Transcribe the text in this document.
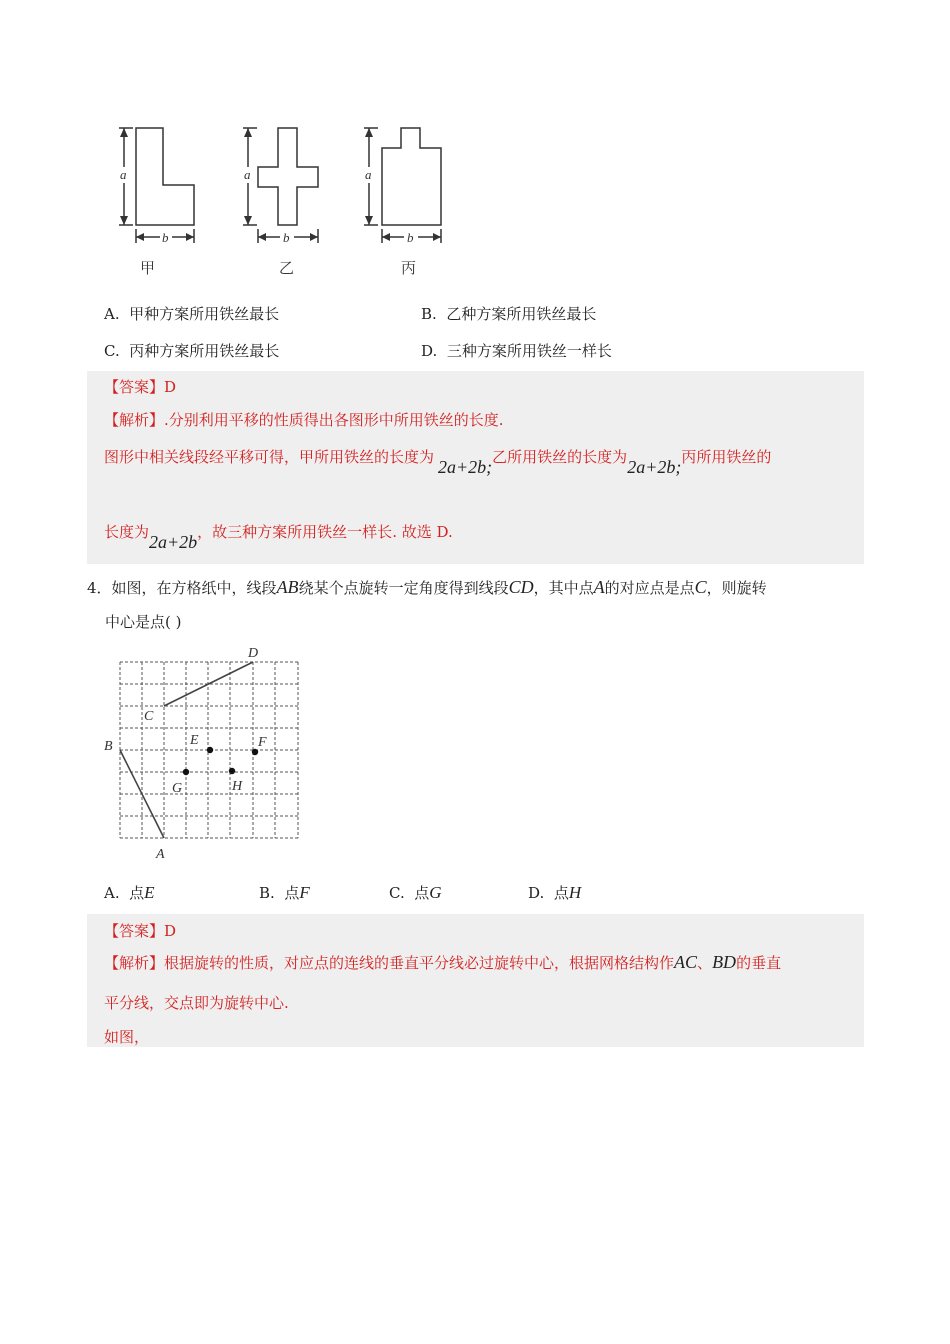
a
b
a
b
a
b
甲	乙	丙
A. 甲种方案所用铁丝最长	B. 乙种方案所用铁丝最长
C. 丙种方案所用铁丝最长	D. 三种方案所用铁丝一样长
【答案】D
【解析】.分别利用平移的性质得出各图形中所用铁丝的长度.
图形中相关线段经平移可得，甲所用铁丝的长度为 2a+2b;乙所用铁丝的长度为2a+2b;丙所用铁丝的
长度为2a+2b，故三种方案所用铁丝一样长. 故选 D.
4．如图，在方格纸中，线段AB绕某个点旋转一定角度得到线段CD，其中点A的对应点是点C，则旋转
中心是点( )
D
C
B	E	F
G	H
A
A. 点E	B. 点F	C. 点G	D. 点H
【答案】D
【解析】根据旋转的性质，对应点的连线的垂直平分线必过旋转中心，根据网格结构作AC、BD的垂直
平分线，交点即为旋转中心.
如图，
